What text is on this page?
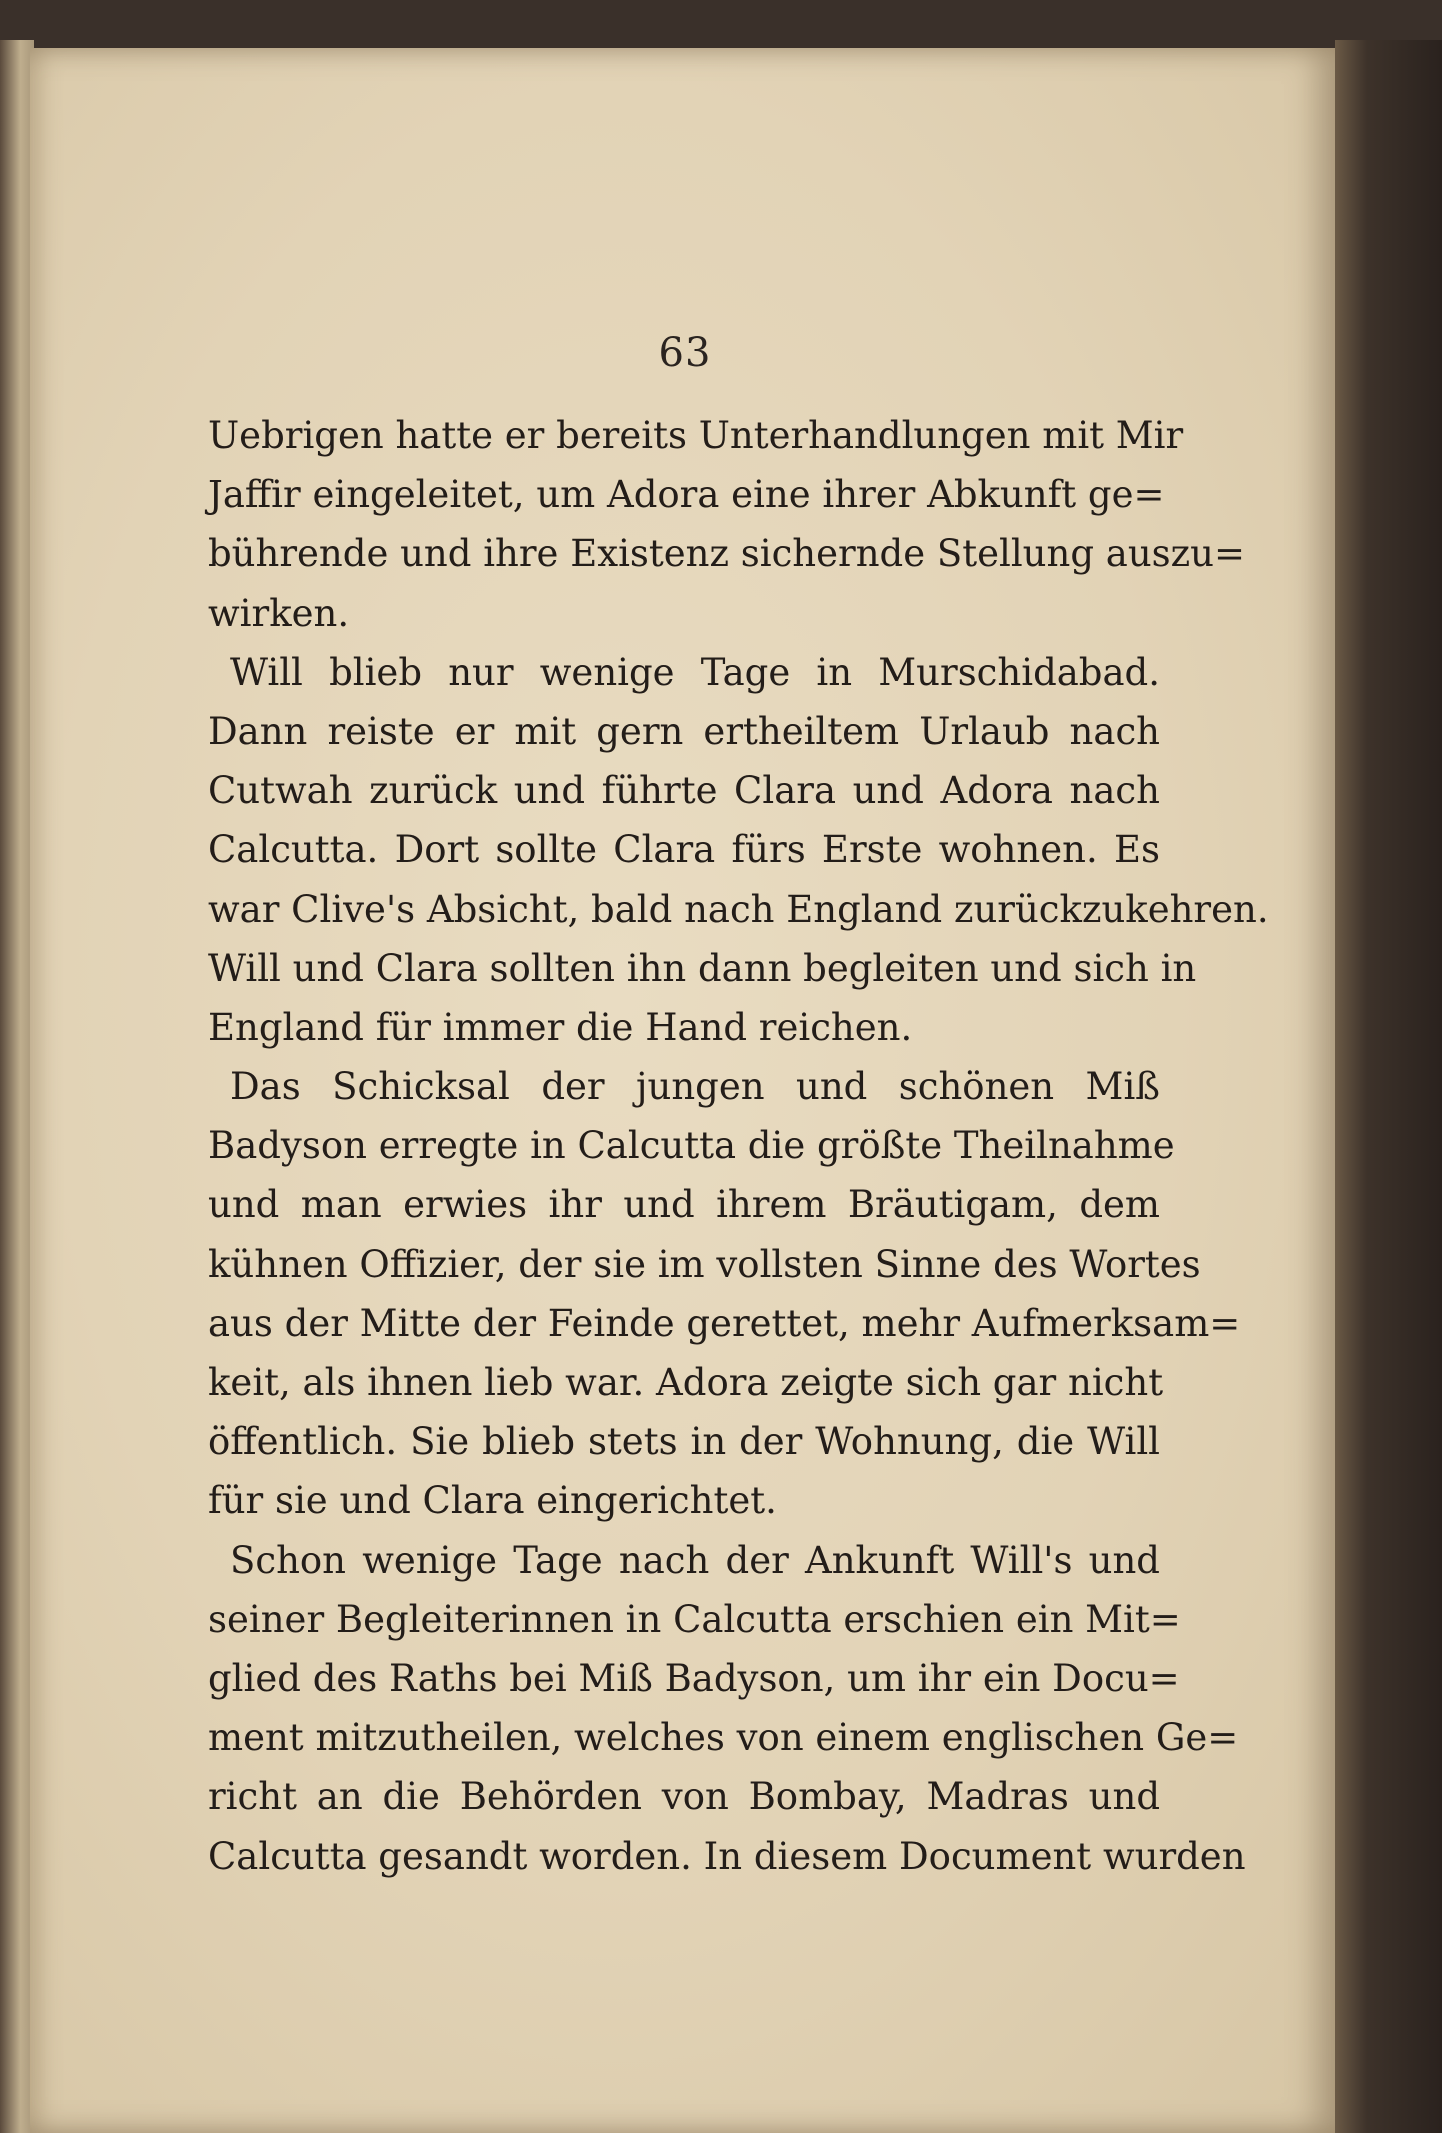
63
Uebrigen hatte er bereits Unterhandlungen mit Mir
Jaffir eingeleitet, um Adora eine ihrer Abkunft ge=
bührende und ihre Existenz sichernde Stellung auszu=
wirken.
Will blieb nur wenige Tage in Murschidabad.
Dann reiste er mit gern ertheiltem Urlaub nach
Cutwah zurück und führte Clara und Adora nach
Calcutta. Dort sollte Clara fürs Erste wohnen. Es
war Clive's Absicht, bald nach England zurückzukehren.
Will und Clara sollten ihn dann begleiten und sich in
England für immer die Hand reichen.
Das Schicksal der jungen und schönen Miß
Badyson erregte in Calcutta die größte Theilnahme
und man erwies ihr und ihrem Bräutigam, dem
kühnen Offizier, der sie im vollsten Sinne des Wortes
aus der Mitte der Feinde gerettet, mehr Aufmerksam=
keit, als ihnen lieb war. Adora zeigte sich gar nicht
öffentlich. Sie blieb stets in der Wohnung, die Will
für sie und Clara eingerichtet.
Schon wenige Tage nach der Ankunft Will's und
seiner Begleiterinnen in Calcutta erschien ein Mit=
glied des Raths bei Miß Badyson, um ihr ein Docu=
ment mitzutheilen, welches von einem englischen Ge=
richt an die Behörden von Bombay, Madras und
Calcutta gesandt worden. In diesem Document wurden
